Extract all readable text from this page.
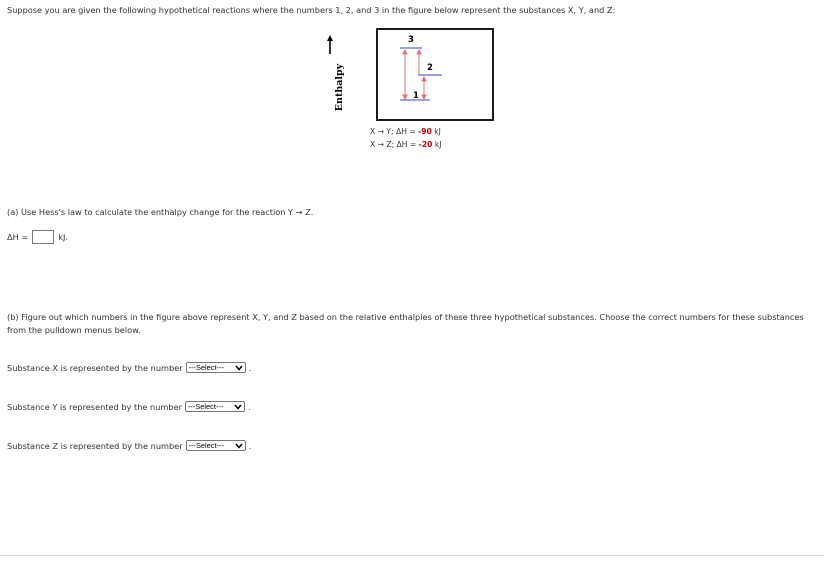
Suppose you are given the following hypothetical reactions where the numbers 1, 2, and 3 in the figure below represent the substances X, Y, and Z:
Enthalpy
3
2
1
X → Y; ΔH = -90 kJ
X → Z; ΔH = -20 kJ
(a) Use Hess's law to calculate the enthalpy change for the reaction Y → Z.
ΔH =	kJ.
(b) Figure out which numbers in the figure above represent X, Y, and Z based on the relative enthalpies of these three hypothetical substances. Choose the correct numbers for these substances from the pulldown menus below.
Substance X is represented by the number ---Select---	.
Substance Y is represented by the number ---Select---	.
Substance Z is represented by the number ---Select---	.
